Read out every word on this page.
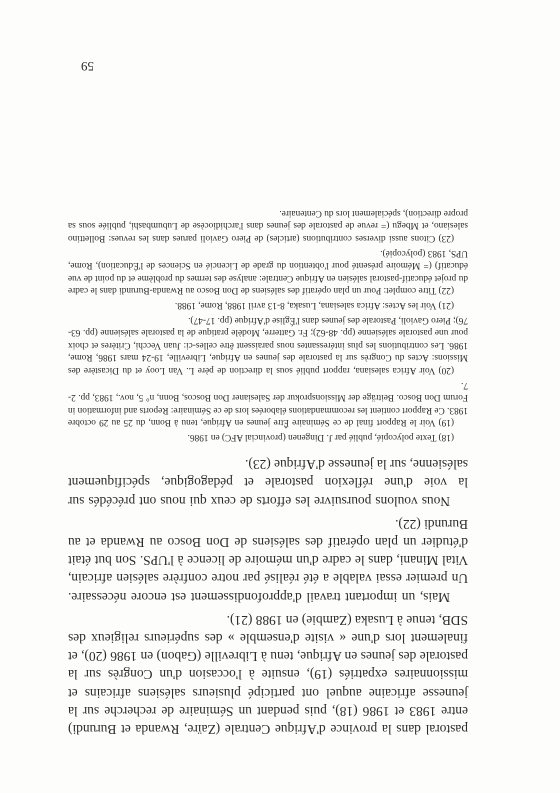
pastoral dans la province d'Afrique Centrale (Zaïre, Rwanda et Burundi) entre 1983 et 1986 (18), puis pendant un Séminaire de recherche sur la jeunesse africaine auquel ont participé plusieurs salésiens africains et missionnaires expatriés (19), ensuite à l'occasion d'un Congrès sur la pastorale des jeunes en Afrique, tenu à Libreville (Gabon) en 1986 (20), et finalement lors d'une « visite d'ensemble » des supérieurs religieux des SDB, tenue à Lusaka (Zambie) en 1988 (21).

Mais, un important travail d'approfondissement est encore nécessaire. Un premier essai valable a été réalisé par notre confrère salésien africain, Vital Minani, dans le cadre d'un mémoire de licence à l'UPS. Son but était d'étudier un plan opératif des salésiens de Don Bosco au Rwanda et au Burundi (22).

Nous voulons poursuivre les efforts de ceux qui nous ont précédés sur la voie d'une réflexion pastorale et pédagogique, spécifiquement salésienne, sur la jeunesse d'Afrique (23).

(18) Texte polycopié, publié par J. Dingenen (provincial AFC) en 1986.

(19) Voir le Rapport final de ce Séminaire Être jeunes en Afrique, tenu à Bonn, du 25 au 29 octobre 1983. Ce Rapport contient les recommandations élaborées lors de ce Séminaire: Reports and information in Forum Don Bosco. Beiträge der Missionsprokur der Salesianer Don Boscos, Bonn, n° 5, nov., 1983, pp. 2-7.

(20) Voir Africa salesiana, rapport publié sous la direction de père L. Van Looy et du Dicastère des Missions: Actes du Congrès sur la pastorale des jeunes en Afrique, Libreville, 19-24 mars 1986, Rome, 1986. Les contributions les plus intéressantes nous paraissent être celles-ci: Juan Vecchi, Critères et choix pour une pastorale salésienne (pp. 48-62); Fr. Gatterre, Modèle pratique de la pastorale salésienne (pp. 63-76); Piero Gavioli, Pastorale des jeunes dans l'Église d'Afrique (pp. 17-47).

(21) Voir les Actes: Africa salesiana, Lusaka, 8-13 avril 1988, Rome, 1988.

(22) Titre complet: Pour un plan opératif des salésiens de Don Bosco au Rwanda-Burundi dans le cadre du projet éducatif-pastoral salésien en Afrique Centrale: analyse des termes du problème et du point de vue éducatif) (= Mémoire présenté pour l'obtention du grade de Licencié en Sciences de l'Éducation), Rome, UPS, 1983 (polycopié).

(23) Citons aussi diverses contributions (articles) de Piero Gavioli parues dans les revues: Bollettino salesiano, et Mbegu (= revue de pastorale des jeunes dans l'archidiocèse de Lubumbashi, publiée sous sa propre direction), spécialement lors du Centenaire.

59
